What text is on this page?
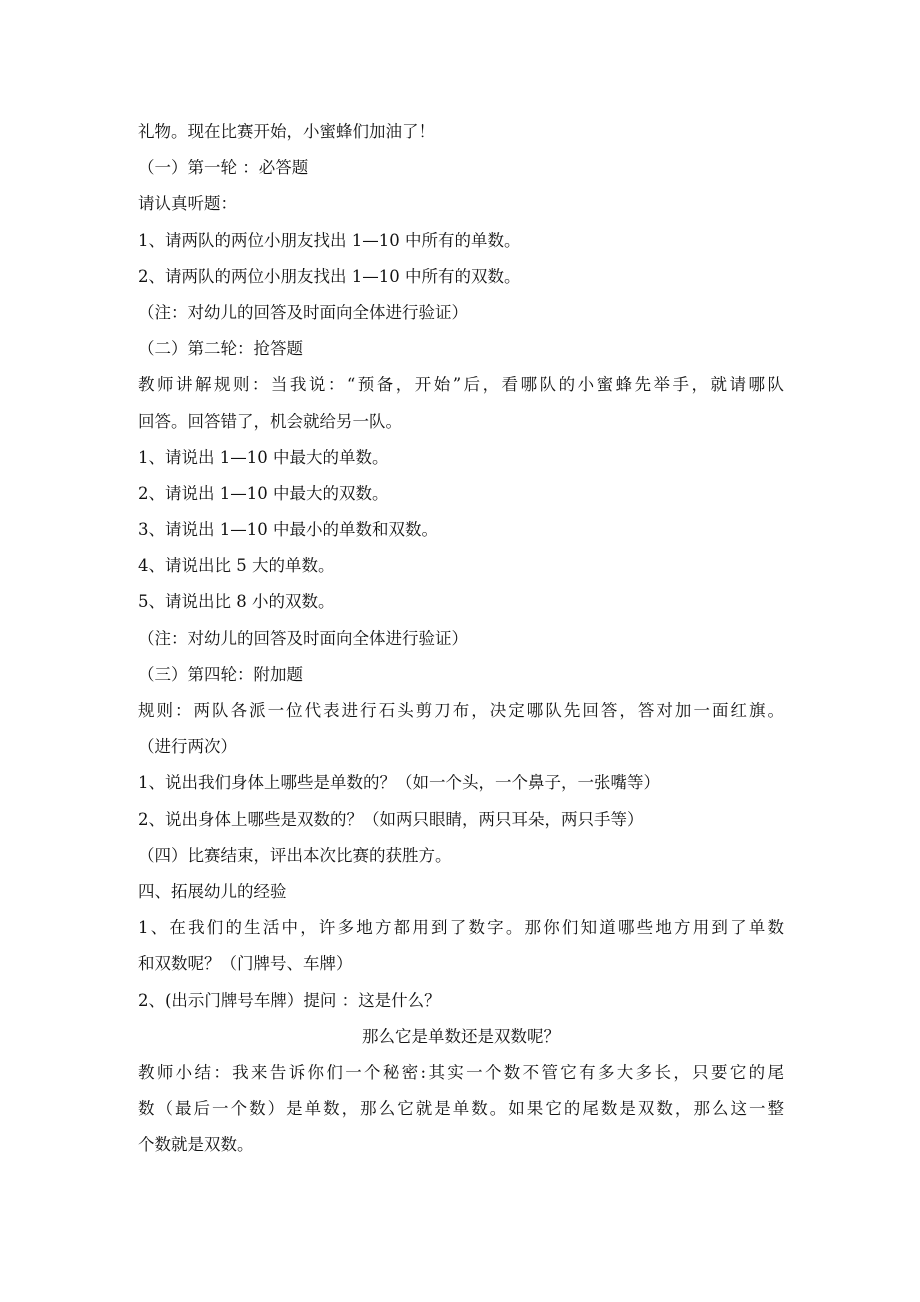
礼物。现在比赛开始，小蜜蜂们加油了！
（一）第一轮 ：必答题
请认真听题：
1、请两队的两位小朋友找出 1—10 中所有的单数。
2、请两队的两位小朋友找出 1—10 中所有的双数。
（注：对幼儿的回答及时面向全体进行验证）
（二）第二轮：抢答题
教师讲解规则：当我说：“预备，开始”后，看哪队的小蜜蜂先举手，就请哪队
回答。回答错了，机会就给另一队。
1、请说出 1—10 中最大的单数。
2、请说出 1—10 中最大的双数。
3、请说出 1—10 中最小的单数和双数。
4、请说出比 5 大的单数。
5、请说出比 8 小的双数。
（注：对幼儿的回答及时面向全体进行验证）
（三）第四轮：附加题
规则：两队各派一位代表进行石头剪刀布，决定哪队先回答，答对加一面红旗。
（进行两次）
1、说出我们身体上哪些是单数的？（如一个头，一个鼻子，一张嘴等）
2、说出身体上哪些是双数的？（如两只眼睛，两只耳朵，两只手等）
（四）比赛结束，评出本次比赛的获胜方。
四、拓展幼儿的经验
1、在我们的生活中，许多地方都用到了数字。那你们知道哪些地方用到了单数
和双数呢？（门牌号、车牌）
2、(出示门牌号车牌）提问 ：这是什么？
那么它是单数还是双数呢？
教师小结：我来告诉你们一个秘密:其实一个数不管它有多大多长，只要它的尾
数（最后一个数）是单数，那么它就是单数。如果它的尾数是双数，那么这一整
个数就是双数。
